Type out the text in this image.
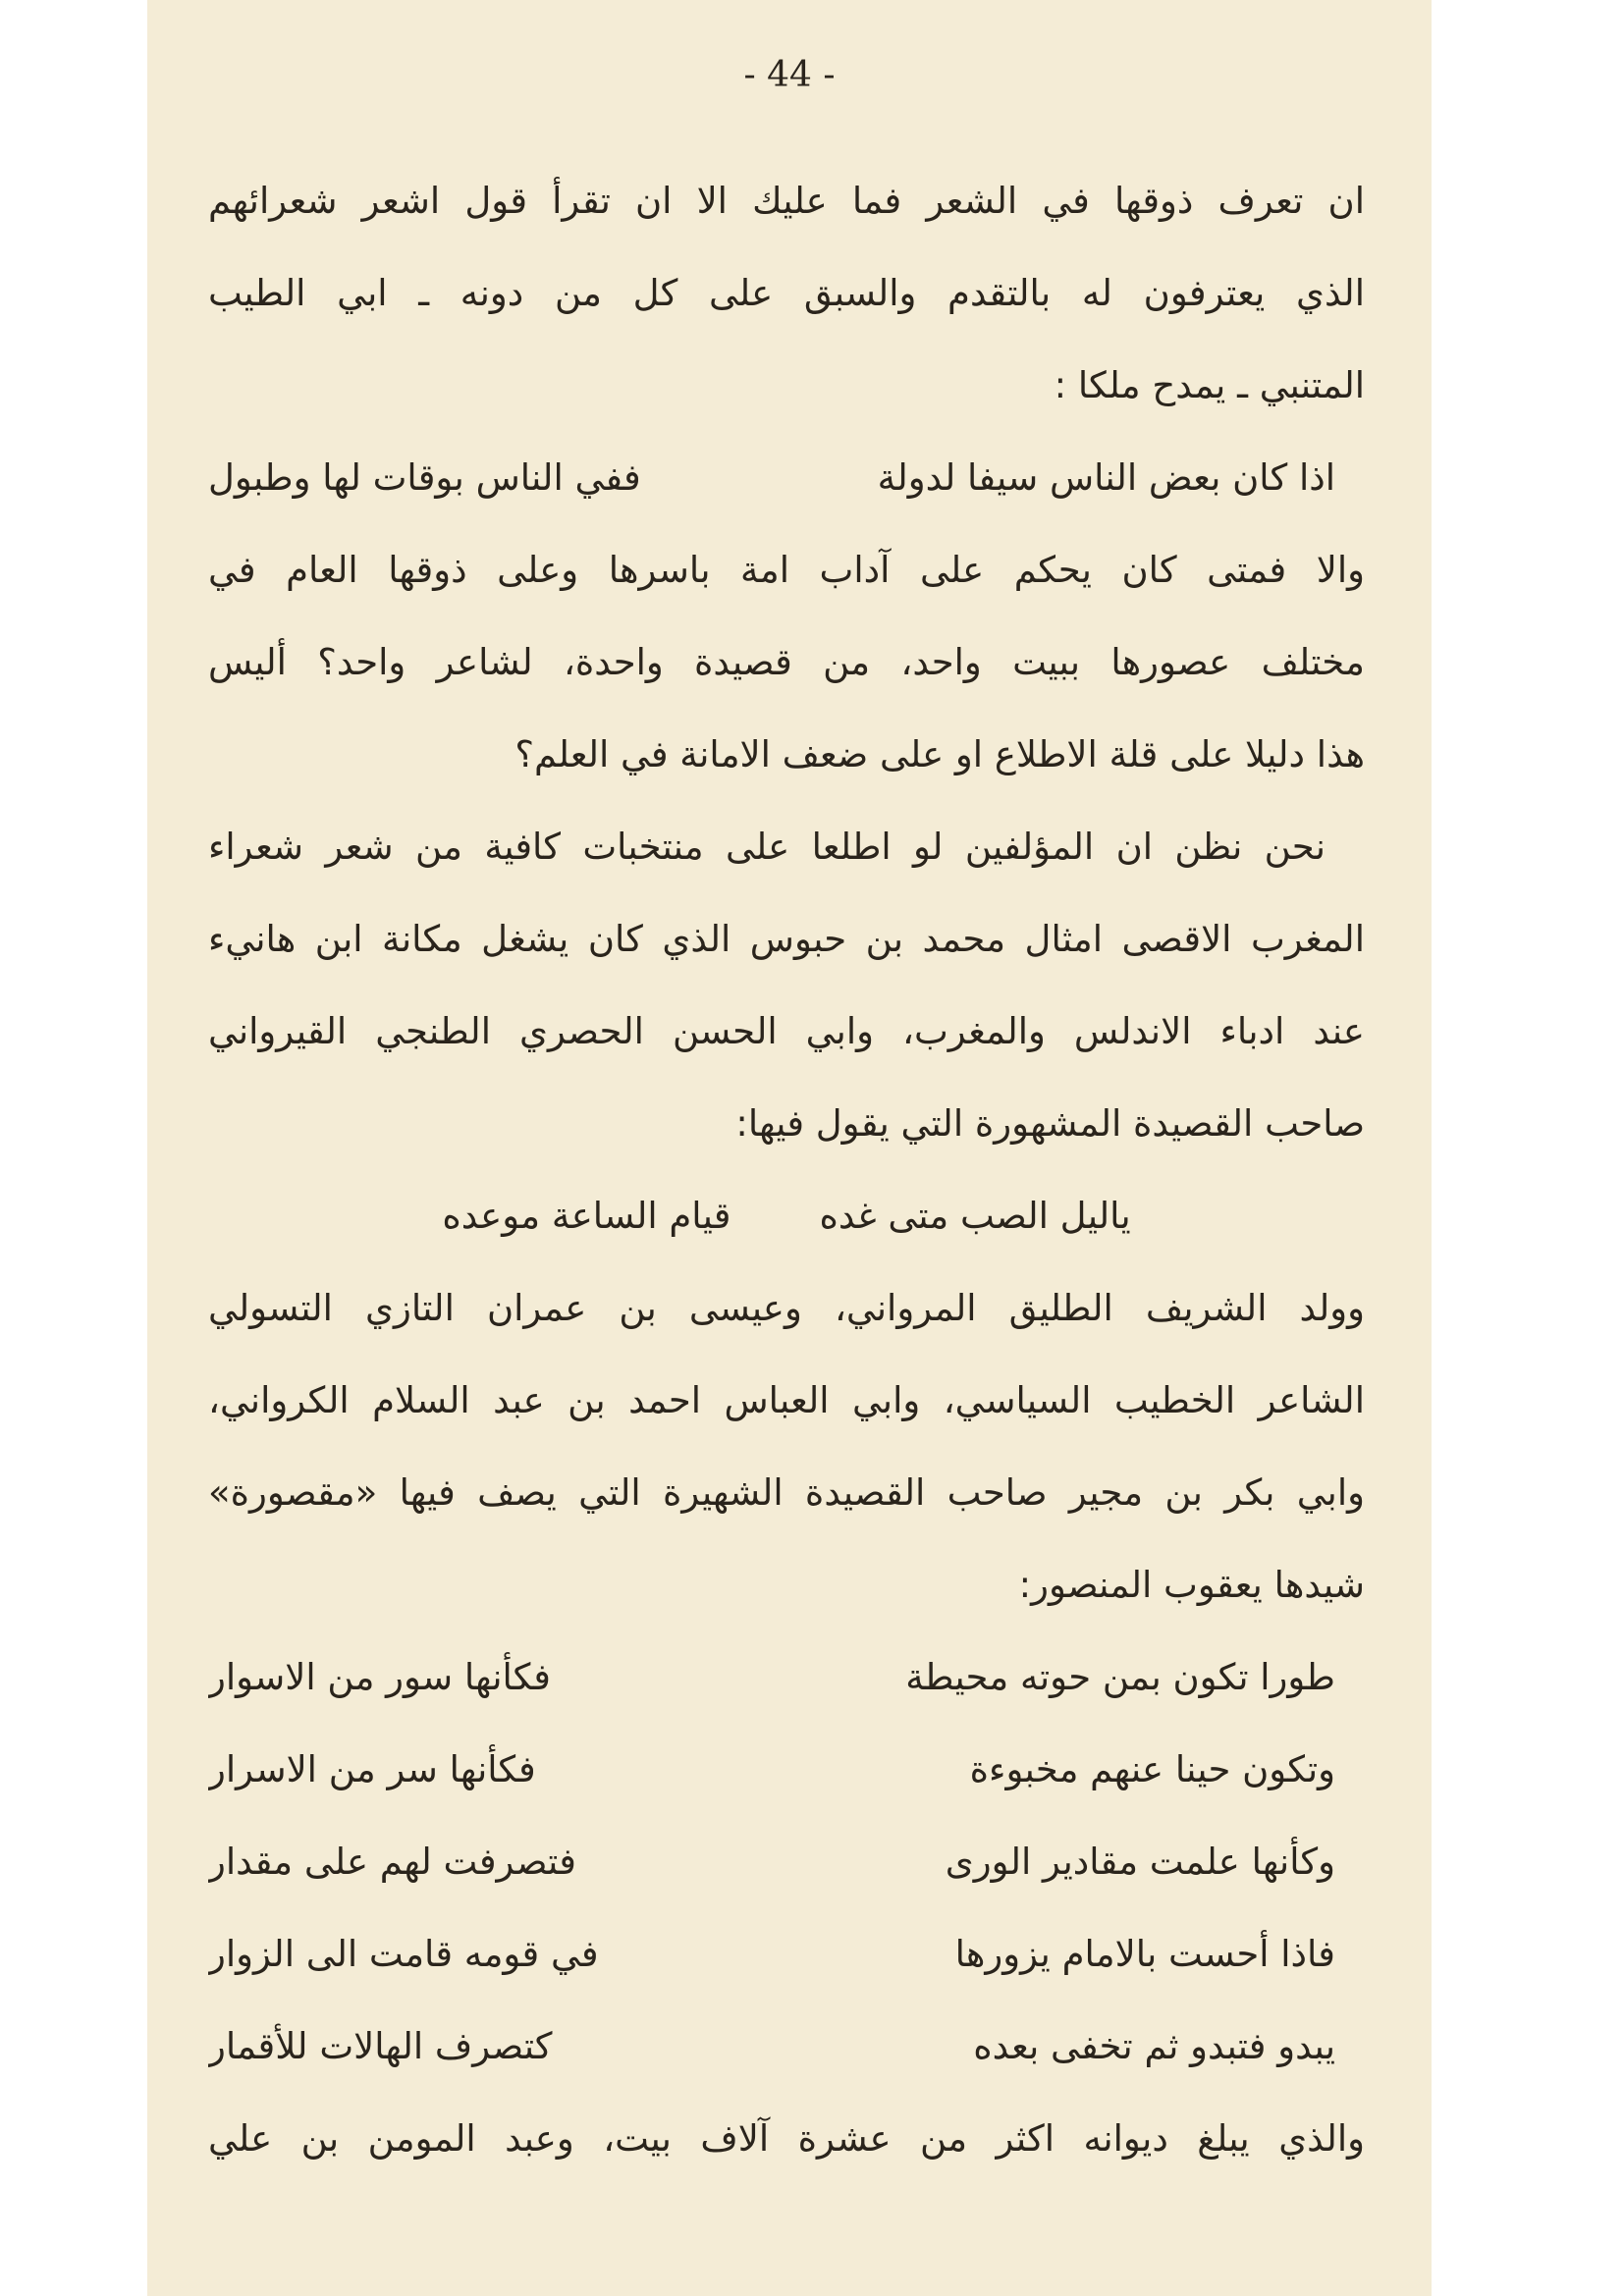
- 44 -
ان تعرف ذوقها في الشعر فما عليك الا ان تقرأ قول اشعر شعرائهم
الذي يعترفون له بالتقدم والسبق على كل من دونه ـ ابي الطيب
المتنبي ـ يمدح ملكا :
اذا كان بعض الناس سيفا لدولة
ففي الناس بوقات لها وطبول
والا فمتى كان يحكم على آداب امة باسرها وعلى ذوقها العام في
مختلف عصورها ببيت واحد، من قصيدة واحدة، لشاعر واحد؟ أليس
هذا دليلا على قلة الاطلاع او على ضعف الامانة في العلم؟
نحن نظن ان المؤلفين لو اطلعا على منتخبات كافية من شعر شعراء
المغرب الاقصى امثال محمد بن حبوس الذي كان يشغل مكانة ابن هانيء
عند ادباء الاندلس والمغرب، وابي الحسن الحصري الطنجي القيرواني
صاحب القصيدة المشهورة التي يقول فيها:
ياليل الصب متى غده
قيام الساعة موعده
وولد الشريف الطليق المرواني، وعيسى بن عمران التازي التسولي
الشاعر الخطيب السياسي، وابي العباس احمد بن عبد السلام الكرواني،
وابي بكر بن مجير صاحب القصيدة الشهيرة التي يصف فيها «مقصورة»
شيدها يعقوب المنصور:
طورا تكون بمن حوته محيطة
فكأنها سور من الاسوار
وتكون حينا عنهم مخبوءة
فكأنها سر من الاسرار
وكأنها علمت مقادير الورى
فتصرفت لهم على مقدار
فاذا أحست بالامام يزورها
في قومه قامت الى الزوار
يبدو فتبدو ثم تخفى بعده
كتصرف الهالات للأقمار
والذي يبلغ ديوانه اكثر من عشرة آلاف بيت، وعبد المومن بن علي
